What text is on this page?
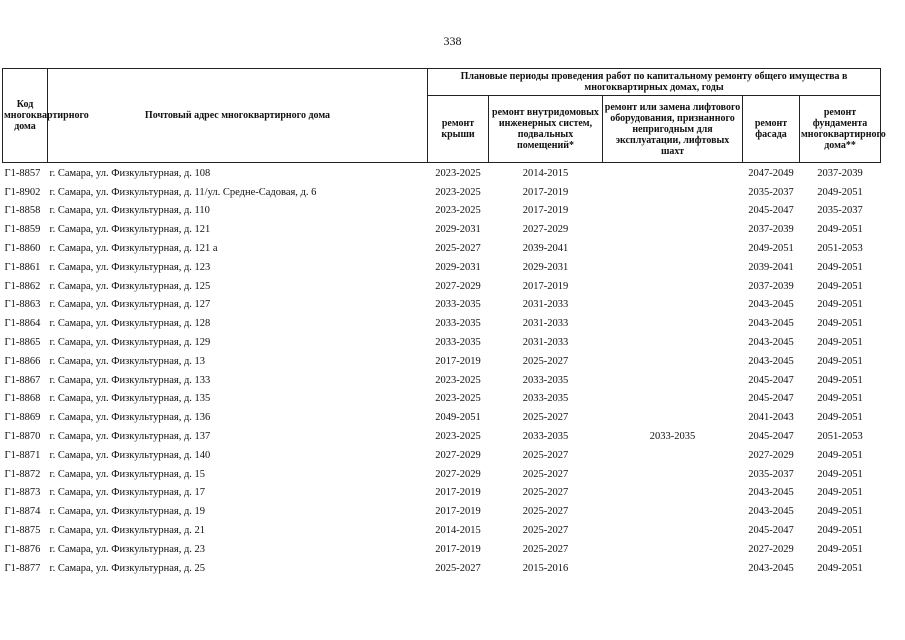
338
Код многоквартирного дома	Почтовый адрес многоквартирного дома	Плановые периоды проведения работ по капитальному ремонту общего имущества в многоквартирных домах, годы				
		ремонт крыши	ремонт внутридомовых инженерных систем, подвальных помещений*	ремонт или замена лифтового оборудования, признанного непригодным для эксплуатации, лифтовых шахт	ремонт фасада	ремонт фундамента многоквартирного дома**
Г1-8857	г. Самара, ул. Физкультурная, д. 108	2023-2025	2014-2015		2047-2049	2037-2039
Г1-8902	г. Самара, ул. Физкультурная, д. 11/ул. Средне-Садовая, д. 6	2023-2025	2017-2019		2035-2037	2049-2051
Г1-8858	г. Самара, ул. Физкультурная, д. 110	2023-2025	2017-2019		2045-2047	2035-2037
Г1-8859	г. Самара, ул. Физкультурная, д. 121	2029-2031	2027-2029		2037-2039	2049-2051
Г1-8860	г. Самара, ул. Физкультурная, д. 121 а	2025-2027	2039-2041		2049-2051	2051-2053
Г1-8861	г. Самара, ул. Физкультурная, д. 123	2029-2031	2029-2031		2039-2041	2049-2051
Г1-8862	г. Самара, ул. Физкультурная, д. 125	2027-2029	2017-2019		2037-2039	2049-2051
Г1-8863	г. Самара, ул. Физкультурная, д. 127	2033-2035	2031-2033		2043-2045	2049-2051
Г1-8864	г. Самара, ул. Физкультурная, д. 128	2033-2035	2031-2033		2043-2045	2049-2051
Г1-8865	г. Самара, ул. Физкультурная, д. 129	2033-2035	2031-2033		2043-2045	2049-2051
Г1-8866	г. Самара, ул. Физкультурная, д. 13	2017-2019	2025-2027		2043-2045	2049-2051
Г1-8867	г. Самара, ул. Физкультурная, д. 133	2023-2025	2033-2035		2045-2047	2049-2051
Г1-8868	г. Самара, ул. Физкультурная, д. 135	2023-2025	2033-2035		2045-2047	2049-2051
Г1-8869	г. Самара, ул. Физкультурная, д. 136	2049-2051	2025-2027		2041-2043	2049-2051
Г1-8870	г. Самара, ул. Физкультурная, д. 137	2023-2025	2033-2035	2033-2035	2045-2047	2051-2053
Г1-8871	г. Самара, ул. Физкультурная, д. 140	2027-2029	2025-2027		2027-2029	2049-2051
Г1-8872	г. Самара, ул. Физкультурная, д. 15	2027-2029	2025-2027		2035-2037	2049-2051
Г1-8873	г. Самара, ул. Физкультурная, д. 17	2017-2019	2025-2027		2043-2045	2049-2051
Г1-8874	г. Самара, ул. Физкультурная, д. 19	2017-2019	2025-2027		2043-2045	2049-2051
Г1-8875	г. Самара, ул. Физкультурная, д. 21	2014-2015	2025-2027		2045-2047	2049-2051
Г1-8876	г. Самара, ул. Физкультурная, д. 23	2017-2019	2025-2027		2027-2029	2049-2051
Г1-8877	г. Самара, ул. Физкультурная, д. 25	2025-2027	2015-2016		2043-2045	2049-2051
